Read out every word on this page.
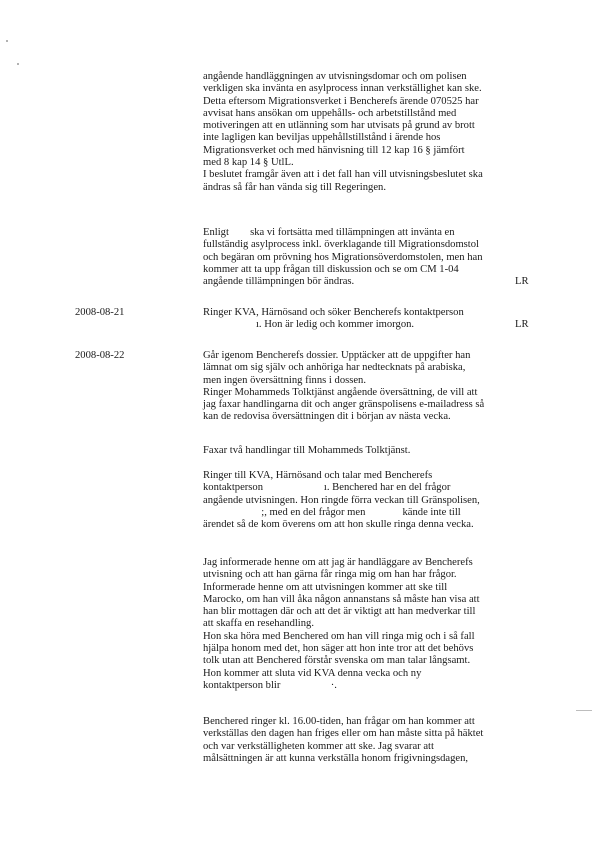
angående handläggningen av utvisningsdomar och om polisen
verkligen ska invänta en asylprocess innan verkställighet kan ske.
Detta eftersom Migrationsverket i Bencherefs ärende 070525 har
avvisat hans ansökan om uppehålls- och arbetstillstånd med
motiveringen att en utlänning som har utvisats på grund av brott
inte lagligen kan beviljas uppehållstillstånd i ärende hos
Migrationsverket och med hänvisning till 12 kap 16 § jämfört
med 8 kap 14 § UtlL.
I beslutet framgår även att i det fall han vill utvisningsbeslutet ska
ändras så får han vända sig till Regeringen.
Enligt        ska vi fortsätta med tillämpningen att invänta en
fullständig asylprocess inkl. överklagande till Migrationsdomstol
och begäran om prövning hos Migrationsöverdomstolen, men han
kommer att ta upp frågan till diskussion och se om CM 1-04
angående tillämpningen bör ändras.	LR
2008-08-21	Ringer KVA, Härnösand och söker Bencherefs kontaktperson
ı. Hon är ledig och kommer imorgon.	LR
2008-08-22	Går igenom Bencherefs dossier. Upptäcker att de uppgifter han
lämnat om sig själv och anhöriga har nedtecknats på arabiska,
men ingen översättning finns i dossen.
Ringer Mohammeds Tolktjänst angående översättning, de vill att
jag faxar handlingarna dit och anger gränspolisens e-mailadress så
kan de redovisa översättningen dit i början av nästa vecka.
Faxar två handlingar till Mohammeds Tolktjänst.
Ringer till KVA, Härnösand och talar med Bencherefs
kontaktperson                       ı. Benchered har en del frågor
angående utvisningen. Hon ringde förra veckan till Gränspolisen,
;, med en del frågor men              kände inte till
ärendet så de kom överens om att hon skulle ringa denna vecka.
Jag informerade henne om att jag är handläggare av Bencherefs
utvisning och att han gärna får ringa mig om han har frågor.
Informerade henne om att utvisningen kommer att ske till
Marocko, om han vill åka någon annanstans så måste han visa att
han blir mottagen där och att det är viktigt att han medverkar till
att skaffa en resehandling.
Hon ska höra med Benchered om han vill ringa mig och i så fall
hjälpa honom med det, hon säger att hon inte tror att det behövs
tolk utan att Benchered förstår svenska om man talar långsamt.
Hon kommer att sluta vid KVA denna vecka och ny
kontaktperson blir                   ·.
Benchered ringer kl. 16.00-tiden, han frågar om han kommer att
verkställas den dagen han friges eller om han måste sitta på häktet
och var verkställigheten kommer att ske. Jag svarar att
målsättningen är att kunna verkställa honom frigivningsdagen,
